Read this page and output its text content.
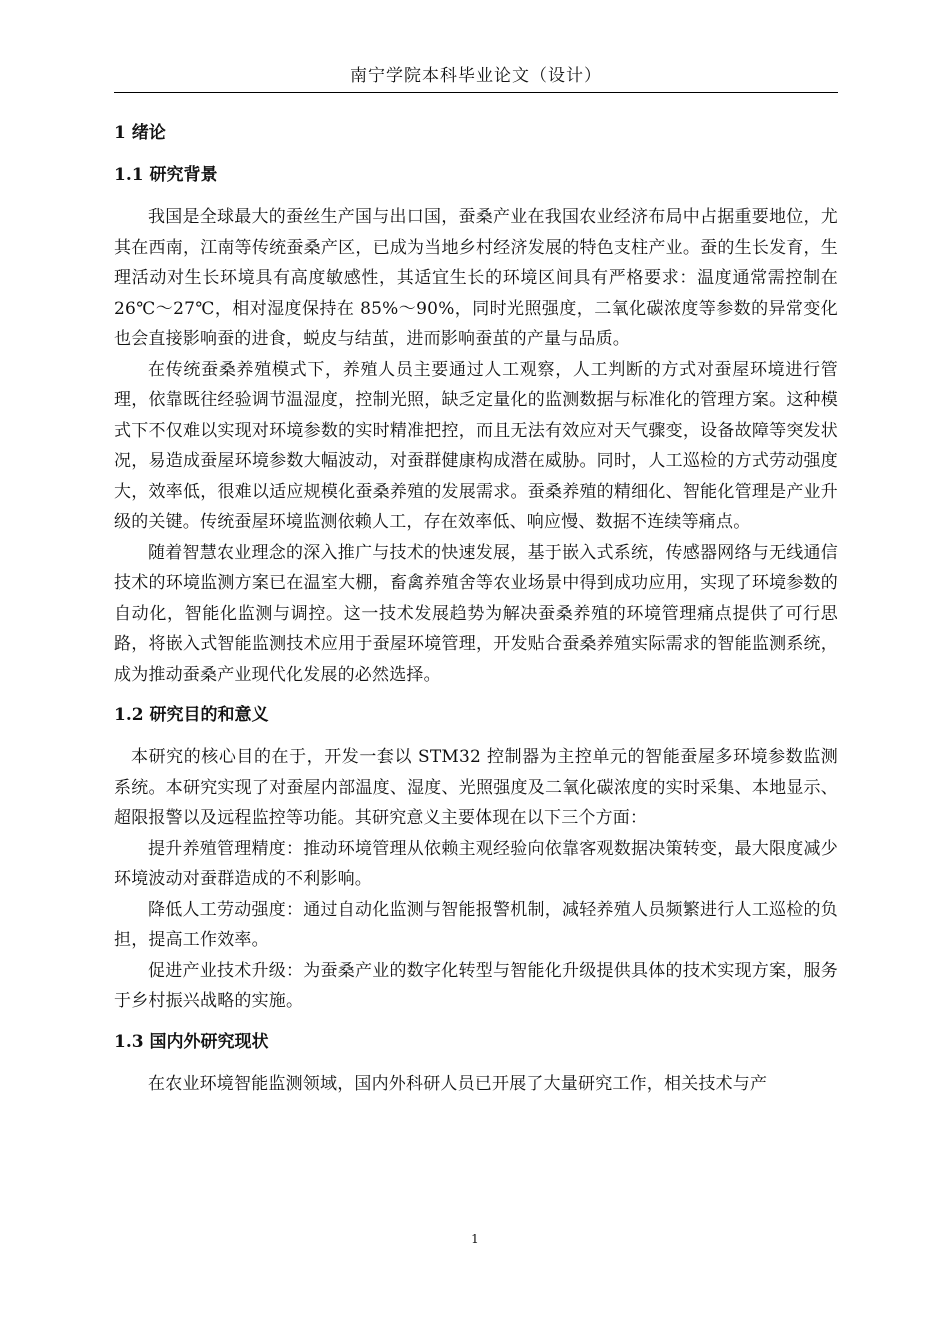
南宁学院本科毕业论文（设计）

1 绪论

1.1 研究背景

我国是全球最大的蚕丝生产国与出口国，蚕桑产业在我国农业经济布局中占据重要地位，尤其在西南，江南等传统蚕桑产区，已成为当地乡村经济发展的特色支柱产业。蚕的生长发育，生理活动对生长环境具有高度敏感性，其适宜生长的环境区间具有严格要求：温度通常需控制在 26℃～27℃，相对湿度保持在 85%～90%，同时光照强度，二氧化碳浓度等参数的异常变化也会直接影响蚕的进食，蜕皮与结茧，进而影响蚕茧的产量与品质。

在传统蚕桑养殖模式下，养殖人员主要通过人工观察，人工判断的方式对蚕屋环境进行管理，依靠既往经验调节温湿度，控制光照，缺乏定量化的监测数据与标准化的管理方案。这种模式下不仅难以实现对环境参数的实时精准把控，而且无法有效应对天气骤变，设备故障等突发状况，易造成蚕屋环境参数大幅波动，对蚕群健康构成潜在威胁。同时，人工巡检的方式劳动强度大，效率低，很难以适应规模化蚕桑养殖的发展需求。蚕桑养殖的精细化、智能化管理是产业升级的关键。传统蚕屋环境监测依赖人工，存在效率低、响应慢、数据不连续等痛点。

随着智慧农业理念的深入推广与技术的快速发展，基于嵌入式系统，传感器网络与无线通信技术的环境监测方案已在温室大棚，畜禽养殖舍等农业场景中得到成功应用，实现了环境参数的自动化，智能化监测与调控。这一技术发展趋势为解决蚕桑养殖的环境管理痛点提供了可行思路，将嵌入式智能监测技术应用于蚕屋环境管理，开发贴合蚕桑养殖实际需求的智能监测系统，成为推动蚕桑产业现代化发展的必然选择。

1.2 研究目的和意义

本研究的核心目的在于，开发一套以 STM32 控制器为主控单元的智能蚕屋多环境参数监测系统。本研究实现了对蚕屋内部温度、湿度、光照强度及二氧化碳浓度的实时采集、本地显示、超限报警以及远程监控等功能。其研究意义主要体现在以下三个方面：

提升养殖管理精度：推动环境管理从依赖主观经验向依靠客观数据决策转变，最大限度减少环境波动对蚕群造成的不利影响。

降低人工劳动强度：通过自动化监测与智能报警机制，减轻养殖人员频繁进行人工巡检的负担，提高工作效率。

促进产业技术升级：为蚕桑产业的数字化转型与智能化升级提供具体的技术实现方案，服务于乡村振兴战略的实施。

1.3 国内外研究现状

在农业环境智能监测领域，国内外科研人员已开展了大量研究工作，相关技术与产

1
